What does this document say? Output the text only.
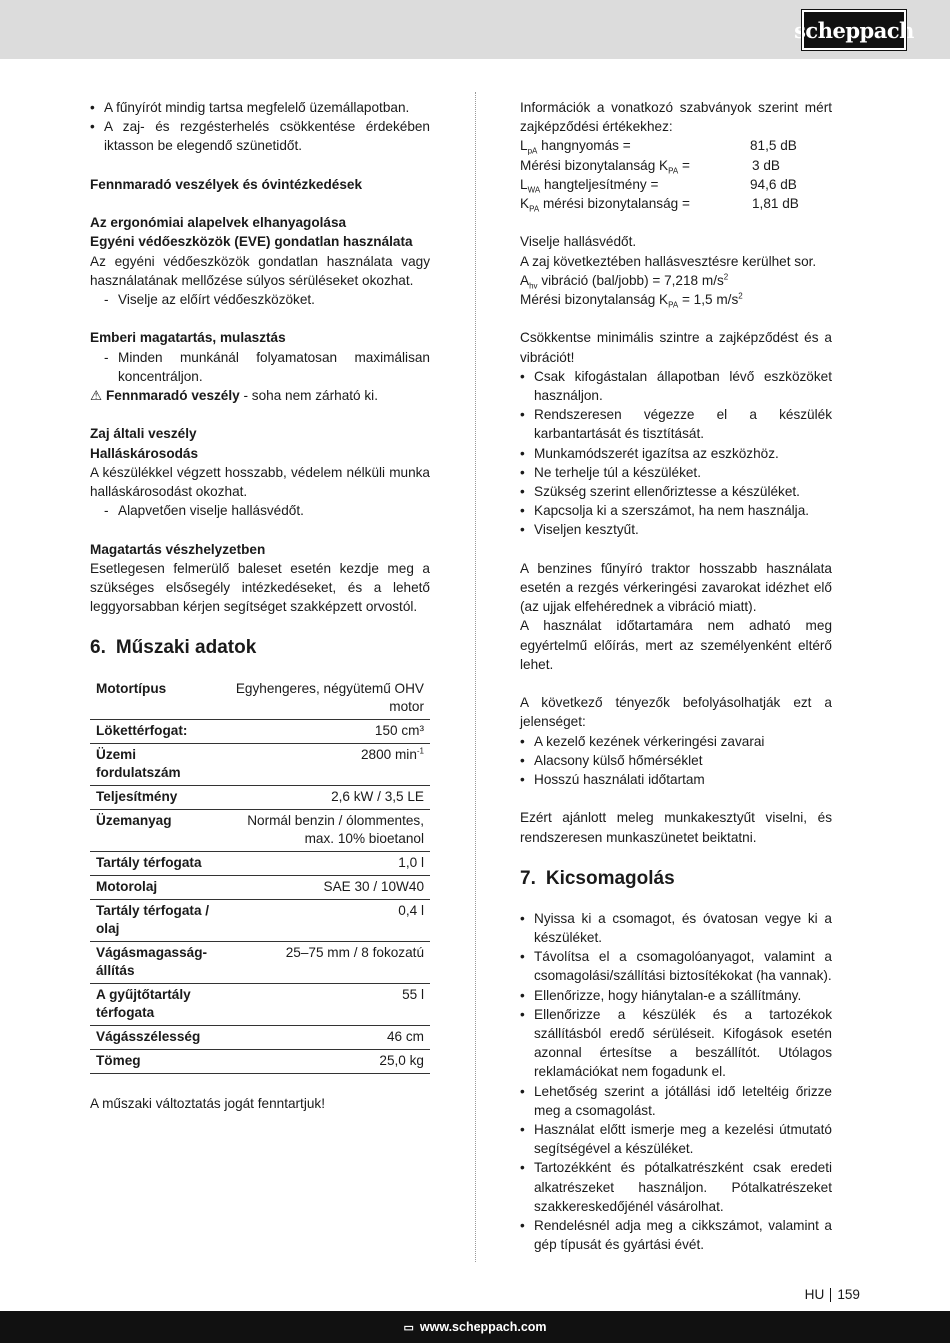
scheppach
• A fűnyírót mindig tartsa megfelelő üzemállapotban.
• A zaj- és rezgésterhelés csökkentése érdekében iktasson be elegendő szünetidőt.
Fennmaradó veszélyek és óvintézkedések
Az ergonómiai alapelvek elhanyagolása
Egyéni védőeszközök (EVE) gondatlan használata

Az egyéni védőeszközök gondatlan használata vagy használatának mellőzése súlyos sérüléseket okozhat.

- Viselje az előírt védőeszközöket.
Emberi magatartás, mulasztás
- Minden munkánál folyamatosan maximálisan koncentráljon.
⚠ Fennmaradó veszély - soha nem zárható ki.
Zaj általi veszély
Halláskárosodás

A készülékkel végzett hosszabb, védelem nélküli munka halláskárosodást okozhat.

- Alapvetően viselje hallásvédőt.
Magatartás vészhelyzetben

Esetlegesen felmerülő baleset esetén kezdje meg a szükséges elsősegély intézkedéseket, és a lehető leggyorsabban kérjen segítséget szakképzett orvostól.

6. Műszaki adatok
Motortípus	Egyhengeres, négyütemű OHV motor
Lökettérfogat:	150 cm³
Üzemi fordulatszám	2800 $\min^{-1}$
Teljesítmény	2,6 kW / 3,5 LE
Üzemanyag	Normál benzin / ólommentes, max. 10% bioetanol
Tartály térfogata	1,0 l
Motorolaj	SAE 30 / 10W40
Tartály térfogata / olaj	0,4 l
Vágásmagasság-állítás	25–75 mm / 8 fokozatú
A gyűjtőtartály térfogata	55 l
Vágásszélesség	46 cm
Tömeg	25,0 kg
A műszaki változtatás jogát fenntartjuk!

Információk a vonatkozó szabványok szerint mért zajképződési értékekhez:

$L_{pA}$ hangnyomás =	81,5 dB
Mérési bizonytalanság $K_{PA}$ =	3 dB
$L_{WA}$ hangteljesítmény =	94,6 dB
$K_{PA}$ mérési bizonytalanság =	1,81 dB

Viselje hallásvédőt.

A zaj következtében hallásvesztésre kerülhet sor.

$A_{hv}$ vibráció (bal/jobb) = 7,218 $m/s^2$
Mérési bizonytalanság $K_{PA} = 1,5$ $m/s^2$

Csökkentse minimális szintre a zajképződést és a vibrációt!

• Csak kifogástalan állapotban lévő eszközöket használjon.
• Rendszeresen végezze el a készülék karbantartását és tisztítását.
• Munkamódszerét igazítsa az eszközhöz.
• Ne terhelje túl a készüléket.
• Szükség szerint ellenőriztesse a készüléket.
• Kapcsolja ki a szerszámot, ha nem használja.
• Viseljen kesztyűt.

A benzines fűnyíró traktor hosszabb használata esetén a rezgés vérkeringési zavarokat idézhet elő (az ujjak elfehérednek a vibráció miatt).

A használat időtartamára nem adható meg egyértelmű előírás, mert az személyenként eltérő lehet.

A következő tényezők befolyásolhatják ezt a jelenséget:

• A kezelő kezének vérkeringési zavarai
• Alacsony külső hőmérséklet
• Hosszú használati időtartam

Ezért ajánlott meleg munkakesztyűt viselni, és rendszeresen munkaszünetet beiktatni.

7. Kicsomagolás
• Nyissa ki a csomagot, és óvatosan vegye ki a készüléket.
• Távolítsa el a csomagolóanyagot, valamint a csomagolási/szállítási biztosítékokat (ha vannak).
• Ellenőrizze, hogy hiánytalan-e a szállítmány.
• Ellenőrizze a készülék és a tartozékok szállításból eredő sérüléseit. Kifogások esetén azonnal értesítse a beszállítót. Utólagos reklamációkat nem fogadunk el.
• Lehetőség szerint a jótállási idő leteltéig őrizze meg a csomagolást.
• Használat előtt ismerje meg a kezelési útmutató segítségével a készüléket.
• Tartozékként és pótalkatrészként csak eredeti alkatrészeket használjon. Pótalkatrészeket szakkereskedőjénél vásárolhat.
• Rendelésnél adja meg a cikkszámot, valamint a gép típusát és gyártási évét.
HU 159
▭ www.scheppach.com
